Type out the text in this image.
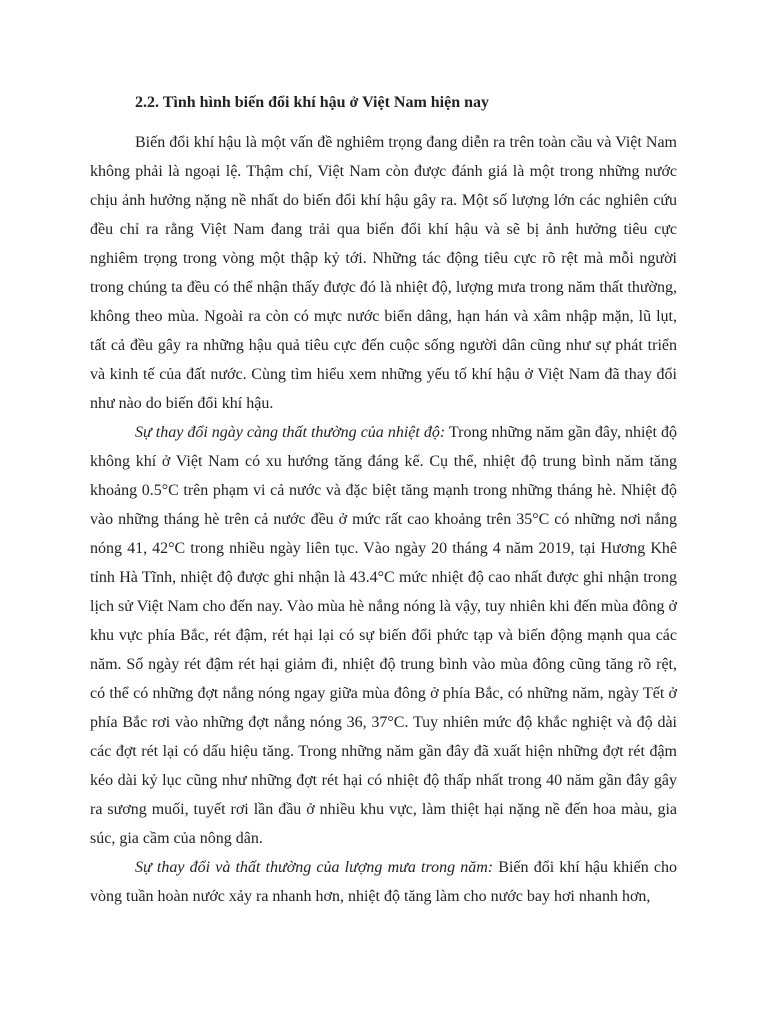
2.2. Tình hình biến đổi khí hậu ở Việt Nam hiện nay

Biến đổi khí hậu là một vấn đề nghiêm trọng đang diễn ra trên toàn cầu và Việt Nam không phải là ngoại lệ. Thậm chí, Việt Nam còn được đánh giá là một trong những nước chịu ảnh hưởng nặng nề nhất do biến đổi khí hậu gây ra. Một số lượng lớn các nghiên cứu đều chỉ ra rằng Việt Nam đang trải qua biến đổi khí hậu và sẽ bị ảnh hưởng tiêu cực nghiêm trọng trong vòng một thập kỷ tới. Những tác động tiêu cực rõ rệt mà mỗi người trong chúng ta đều có thể nhận thấy được đó là nhiệt độ, lượng mưa trong năm thất thường, không theo mùa. Ngoài ra còn có mực nước biển dâng, hạn hán và xâm nhập mặn, lũ lụt, tất cả đều gây ra những hậu quả tiêu cực đến cuộc sống người dân cũng như sự phát triển và kinh tế của đất nước. Cùng tìm hiểu xem những yếu tố khí hậu ở Việt Nam đã thay đổi như nào do biến đổi khí hậu.

Sự thay đổi ngày càng thất thường của nhiệt độ: Trong những năm gần đây, nhiệt độ không khí ở Việt Nam có xu hướng tăng đáng kể. Cụ thể, nhiệt độ trung bình năm tăng khoảng 0.5°C trên phạm vi cả nước và đặc biệt tăng mạnh trong những tháng hè. Nhiệt độ vào những tháng hè trên cả nước đều ở mức rất cao khoảng trên 35°C có những nơi nắng nóng 41, 42°C trong nhiều ngày liên tục. Vào ngày 20 tháng 4 năm 2019, tại Hương Khê tỉnh Hà Tĩnh, nhiệt độ được ghi nhận là 43.4°C mức nhiệt độ cao nhất được ghi nhận trong lịch sử Việt Nam cho đến nay. Vào mùa hè nắng nóng là vậy, tuy nhiên khi đến mùa đông ở khu vực phía Bắc, rét đậm, rét hại lại có sự biến đổi phức tạp và biến động mạnh qua các năm. Số ngày rét đậm rét hại giảm đi, nhiệt độ trung bình vào mùa đông cũng tăng rõ rệt, có thể có những đợt nắng nóng ngay giữa mùa đông ở phía Bắc, có những năm, ngày Tết ở phía Bắc rơi vào những đợt nắng nóng 36, 37°C. Tuy nhiên mức độ khắc nghiệt và độ dài các đợt rét lại có dấu hiệu tăng. Trong những năm gần đây đã xuất hiện những đợt rét đậm kéo dài kỷ lục cũng như những đợt rét hại có nhiệt độ thấp nhất trong 40 năm gần đây gây ra sương muối, tuyết rơi lần đầu ở nhiều khu vực, làm thiệt hại nặng nề đến hoa màu, gia súc, gia cầm của nông dân.

Sự thay đổi và thất thường của lượng mưa trong năm: Biến đổi khí hậu khiến cho vòng tuần hoàn nước xảy ra nhanh hơn, nhiệt độ tăng làm cho nước bay hơi nhanh hơn,
